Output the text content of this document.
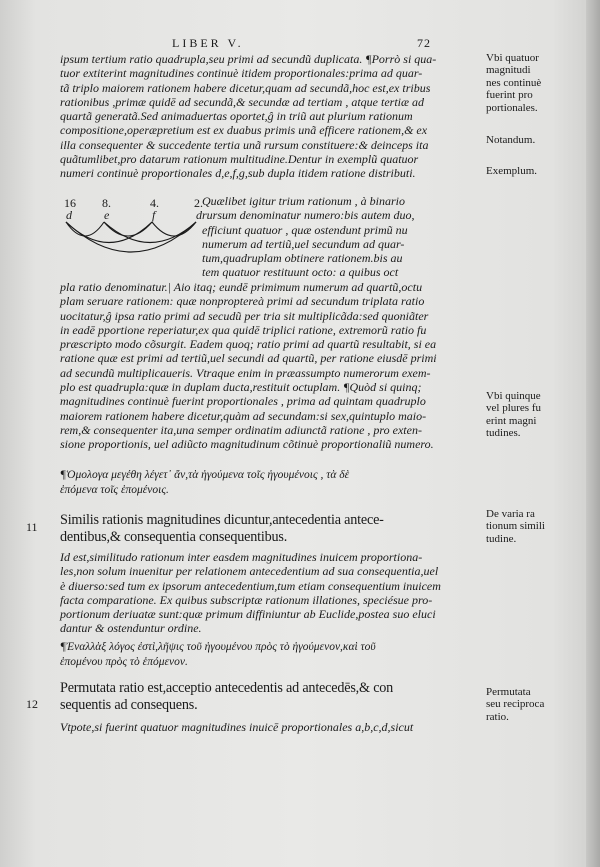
LIBER V.	72

ipsum tertium ratio quadrupla,seu primi ad secundũ duplicata. ¶Porrò si qua-

tuor extiterint magnitudines continuè itidem proportionales:prima ad quar-

tã triplo maiorem rationem habere dicetur,quam ad secundã,hoc est,ex tribus

rationibus ,primæ quidē ad secundã,& secundæ ad tertiam , atque tertiæ ad

quartã generatã.Sed animaduertas oportet,ĝ in triũ aut plurium rationum

compositione,operæpretium est ex duabus primis unã efficere rationem,& ex

illa consequenter & succedente tertia unã rursum constituere:& deinceps ita

quãtumlibet,pro datarum rationum multitudine.Dentur in exemplũ quatuor

numeri continuè proportionales d,e,f,g,sub dupla itidem ratione distributi.

16 8.	4.	2.
d	e	f	d

Quælibet igitur trium rationum , à binario

rursum denominatur numero:bis autem duo,

efficiunt quatuor , quæ ostendunt primũ nu

numerum ad tertiũ,uel secundum ad quar-

tum,quadruplam obtinere rationem.bis au

tem quatuor restituunt octo: a quibus oct

pla ratio denominatur.| Aio itaq; eundē primimum numerum ad quartũ,octu

plam seruare rationem: quæ nonproptereà primi ad secundum triplata ratio

uocitatur,ĝ ipsa ratio primi ad secudũ per tria sit multiplicãda:sed quoniãter

in eadē pportione reperiatur,ex qua quidē triplici ratione, extremorũ ratio fu

præscripto modo cõsurgit. Eadem quoq; ratio primi ad quartũ resultabit, si ea

ratione quæ est primi ad tertiũ,uel secundi ad quartũ, per ratione eiusdē primi

ad secundũ multiplicaueris. Vtraque enim in præassumpto numerorum exem-

plo est quadrupla:quæ in duplam ducta,restituit octuplam. ¶Quòd si quinq;

magnitudines continuè fuerint proportionales , prima ad quintam quadruplo

maiorem rationem habere dicetur,quàm ad secundam:si sex,quintuplo maio-

rem,& consequenter ita,una semper ordinatim adiunctã ratione , pro exten-

sione proportionis, uel adiũcto magnitudinum cõtinuè proportionaliũ numero.

¶Ὁμολογα μεγέθη λέγετ᾽ ἄν,τὰ ἡγούμενα τοῖς ἡγουμένοις , τὰ δὲ
ἑπόμενα τοῖς ἑπομένοις.
11 Similis rationis magnitudines dicuntur,antecedentia antece-
dentibus,& consequentia consequentibus.

Id est,similitudo rationum inter easdem magnitudines inuicem proportiona-

les,non solum inuenitur per relationem antecedentium ad sua consequentia,uel

è diuerso:sed tum ex ipsorum antecedentium,tum etiam consequentium inuicem

facta comparatione. Ex quibus subscriptæ rationum illationes, speciésue pro-

portionum deriuatæ sunt:quæ primum diffiniuntur ab Euclide,postea suo eluci

dantur & ostenduntur ordine.

¶Ἐναλλὰξ λόγος ἐστὶ,λῆψις τοῦ ἡγουμένου πρὸς τὸ ἡγούμενον,καὶ τοῦ
ἑπομένου πρὸς τὸ ἑπόμενον.
12
Permutata ratio est,acceptio antecedentis ad antecedēs,& con
sequentis ad consequens.

Vtpote,si fuerint quatuor magnitudines inuicē proportionales a,b,c,d,sicut

Vbi quatuor
magnitudi
nes continuè
fuerint pro
portionales.
Notandum.
Exemplum.
Vbi quinque
vel plures fu
erint magni
tudines.
De varia ra
tionum simili
tudine.
Permutata
seu reciproca
ratio.
